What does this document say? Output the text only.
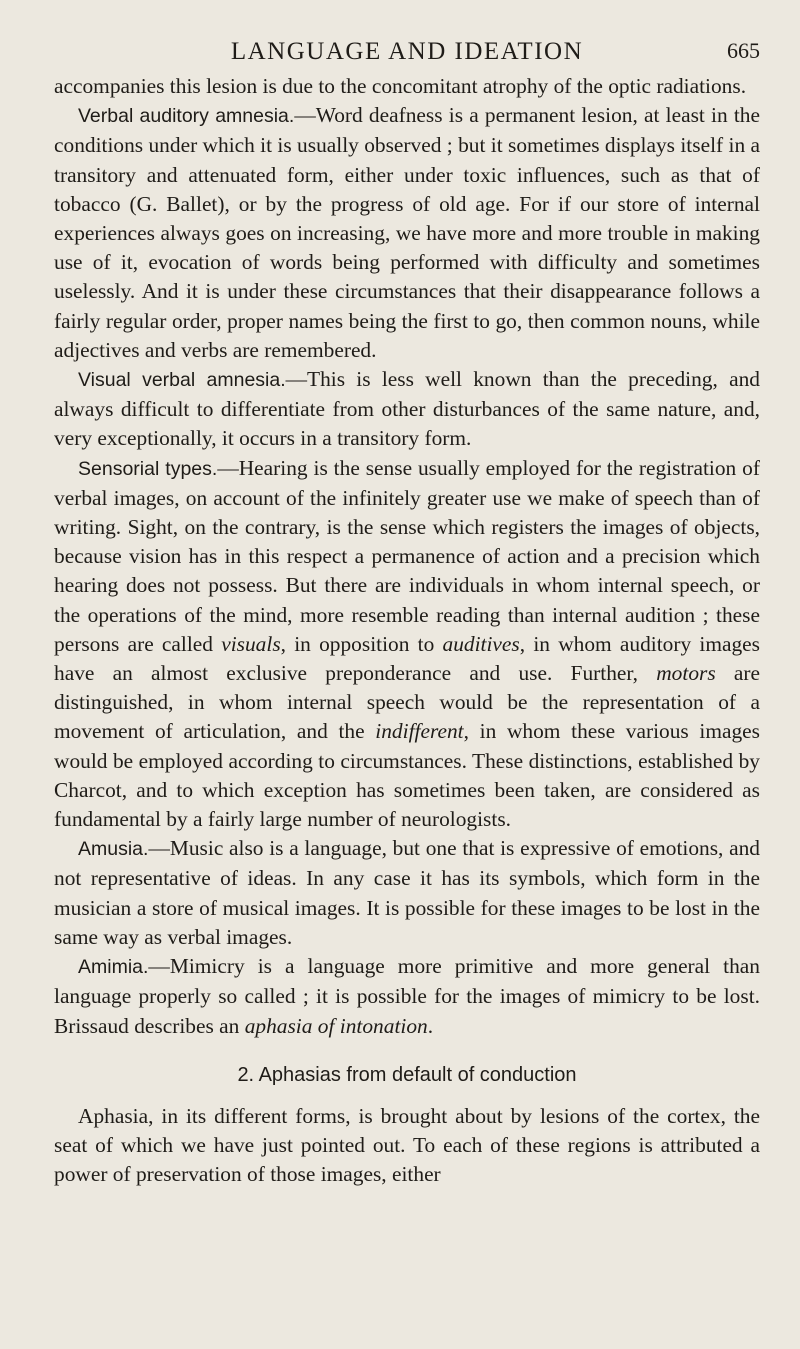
LANGUAGE AND IDEATION	665

accompanies this lesion is due to the concomitant atrophy of the optic radiations.

Verbal auditory amnesia.—Word deafness is a permanent lesion, at least in the conditions under which it is usually observed ; but it sometimes displays itself in a transitory and attenuated form, either under toxic influences, such as that of tobacco (G. Ballet), or by the progress of old age. For if our store of internal experiences always goes on increasing, we have more and more trouble in making use of it, evocation of words being performed with difficulty and sometimes uselessly. And it is under these circumstances that their disappearance follows a fairly regular order, proper names being the first to go, then common nouns, while adjectives and verbs are remembered.

Visual verbal amnesia.—This is less well known than the preceding, and always difficult to differentiate from other disturbances of the same nature, and, very exceptionally, it occurs in a transitory form.

Sensorial types.—Hearing is the sense usually employed for the registration of verbal images, on account of the infinitely greater use we make of speech than of writing. Sight, on the contrary, is the sense which registers the images of objects, because vision has in this respect a permanence of action and a precision which hearing does not possess. But there are individuals in whom internal speech, or the operations of the mind, more resemble reading than internal audition ; these persons are called visuals, in opposition to auditives, in whom auditory images have an almost exclusive preponderance and use. Further, motors are distinguished, in whom internal speech would be the representation of a movement of articulation, and the indifferent, in whom these various images would be employed according to circumstances. These distinctions, established by Charcot, and to which exception has sometimes been taken, are considered as fundamental by a fairly large number of neurologists.

Amusia.—Music also is a language, but one that is expressive of emotions, and not representative of ideas. In any case it has its symbols, which form in the musician a store of musical images. It is possible for these images to be lost in the same way as verbal images.

Amimia.—Mimicry is a language more primitive and more general than language properly so called ; it is possible for the images of mimicry to be lost. Brissaud describes an aphasia of intonation.

2. Aphasias from default of conduction

Aphasia, in its different forms, is brought about by lesions of the cortex, the seat of which we have just pointed out. To each of these regions is attributed a power of preservation of those images, either
